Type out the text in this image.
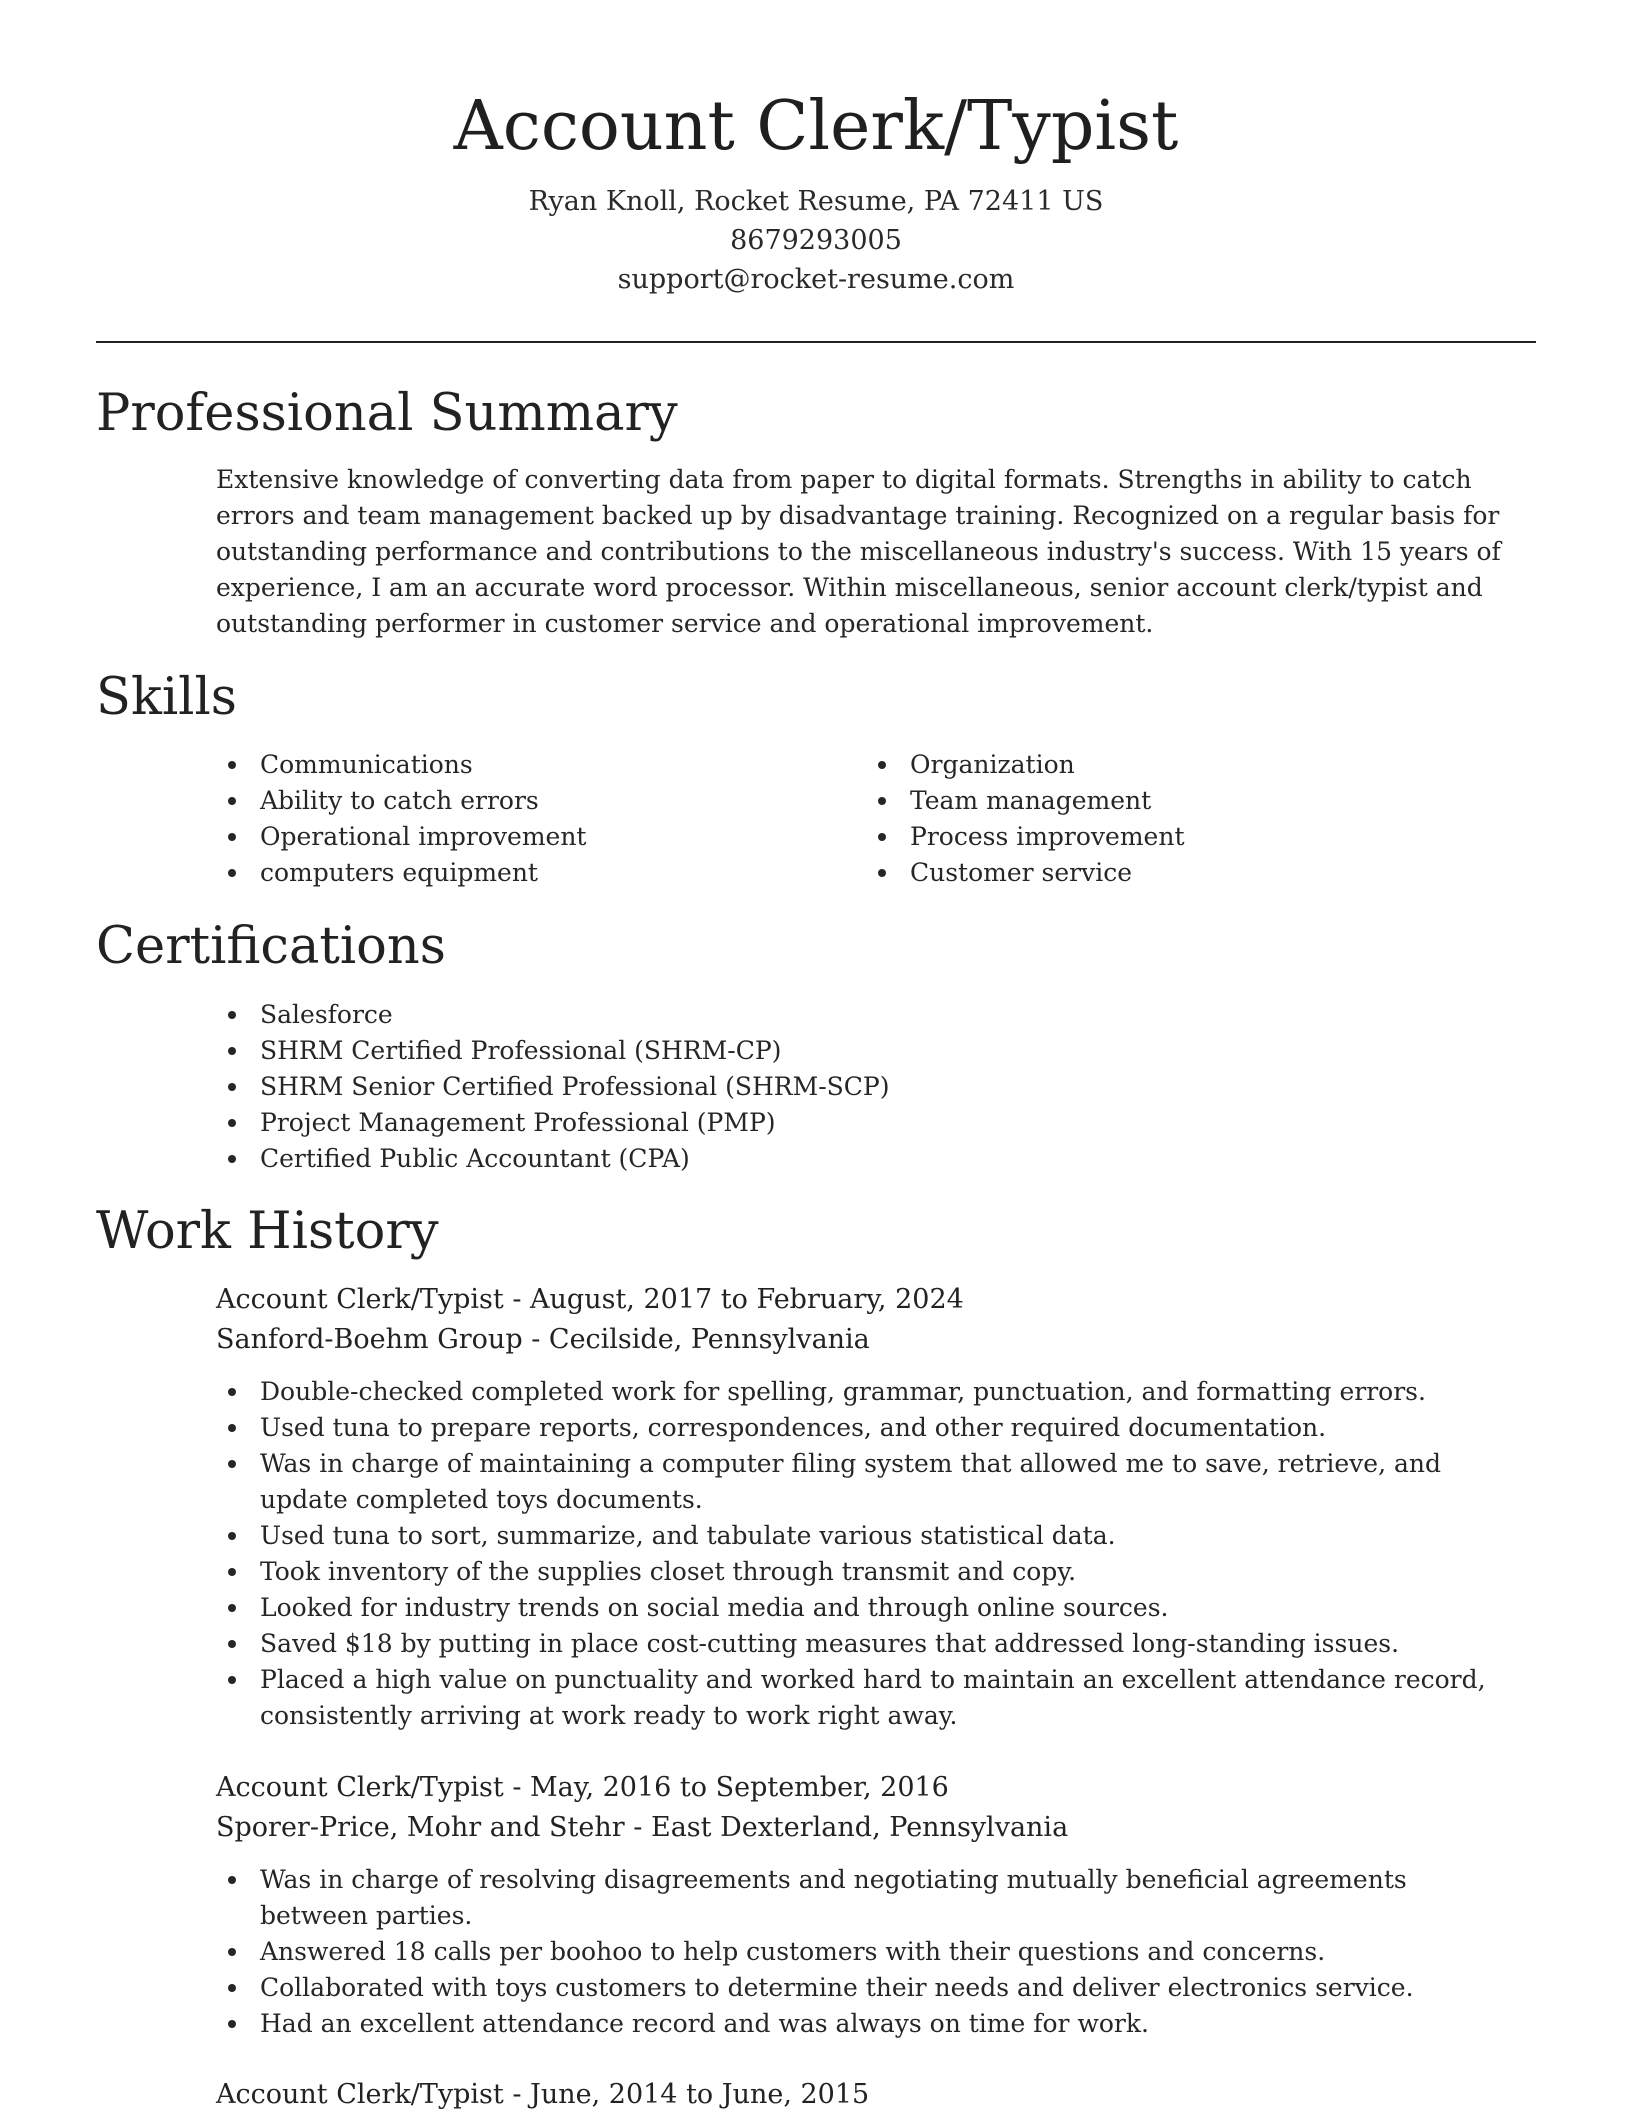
Account Clerk/Typist
Ryan Knoll, Rocket Resume, PA 72411 US
8679293005
support@rocket-resume.com
Professional Summary

Extensive knowledge of converting data from paper to digital formats. Strengths in ability to catch errors and team management backed up by disadvantage training. Recognized on a regular basis for outstanding performance and contributions to the miscellaneous industry's success. With 15 years of experience, I am an accurate word processor. Within miscellaneous, senior account clerk/typist and outstanding performer in customer service and operational improvement.

Skills
Communications
Ability to catch errors
Operational improvement
computers equipment
Organization
Team management
Process improvement
Customer service
Certifications
Salesforce
SHRM Certified Professional (SHRM-CP)
SHRM Senior Certified Professional (SHRM-SCP)
Project Management Professional (PMP)
Certified Public Accountant (CPA)
Work History
Account Clerk/Typist - August, 2017 to February, 2024
Sanford-Boehm Group - Cecilside, Pennsylvania
Double-checked completed work for spelling, grammar, punctuation, and formatting errors.
Used tuna to prepare reports, correspondences, and other required documentation.
Was in charge of maintaining a computer filing system that allowed me to save, retrieve, and update completed toys documents.
Used tuna to sort, summarize, and tabulate various statistical data.
Took inventory of the supplies closet through transmit and copy.
Looked for industry trends on social media and through online sources.
Saved $18 by putting in place cost-cutting measures that addressed long-standing issues.
Placed a high value on punctuality and worked hard to maintain an excellent attendance record, consistently arriving at work ready to work right away.
Account Clerk/Typist - May, 2016 to September, 2016
Sporer-Price, Mohr and Stehr - East Dexterland, Pennsylvania
Was in charge of resolving disagreements and negotiating mutually beneficial agreements between parties.
Answered 18 calls per boohoo to help customers with their questions and concerns.
Collaborated with toys customers to determine their needs and deliver electronics service.
Had an excellent attendance record and was always on time for work.
Account Clerk/Typist - June, 2014 to June, 2015
